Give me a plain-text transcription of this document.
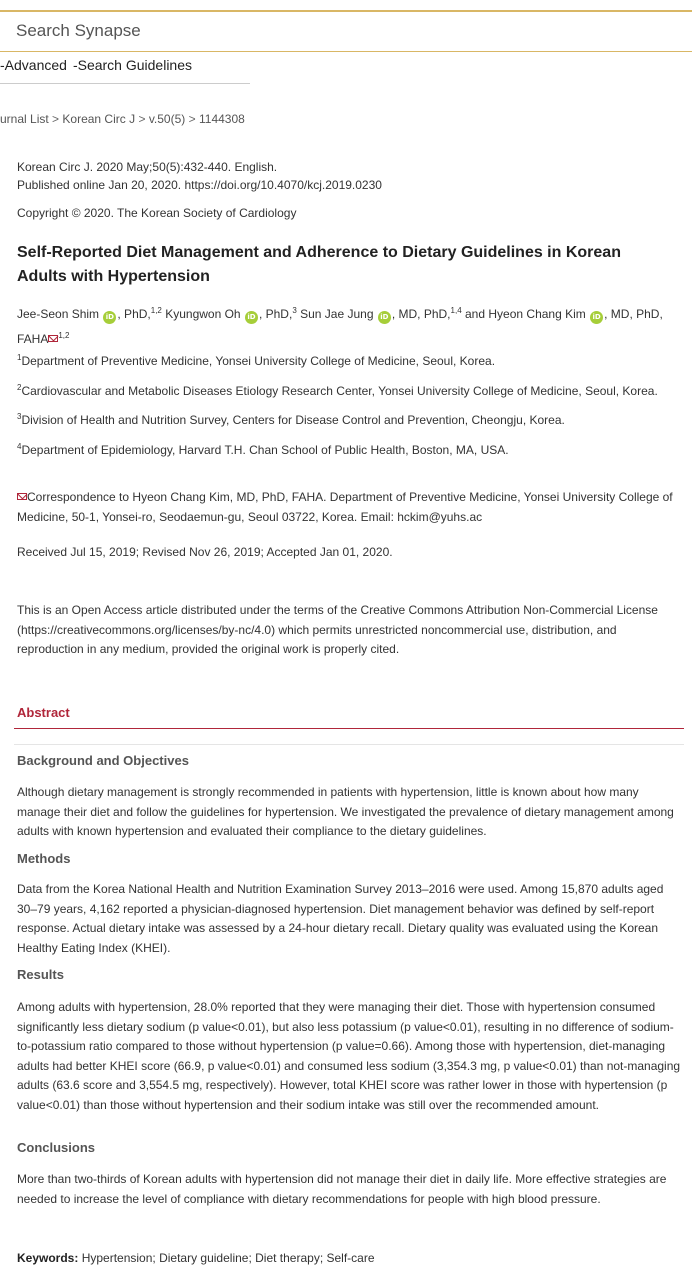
Search Synapse
-Advanced -Search Guidelines
urnal List > Korean Circ J > v.50(5) > 1144308
Korean Circ J. 2020 May;50(5):432-440. English.
Published online Jan 20, 2020. https://doi.org/10.4070/kcj.2019.0230
Copyright © 2020. The Korean Society of Cardiology
Self-Reported Diet Management and Adherence to Dietary Guidelines in Korean Adults with Hypertension
Jee-Seon Shim iD , PhD,$^{1,2}$ Kyungwon Oh iD , PhD,$^3$ Sun Jae Jung iD , MD, PhD,$^{1,4}$ and Hyeon Chang Kim iD , MD, PhD, FAHA $^{1,2}$
$^1$Department of Preventive Medicine, Yonsei University College of Medicine, Seoul, Korea.
$^2$Cardiovascular and Metabolic Diseases Etiology Research Center, Yonsei University College of Medicine, Seoul, Korea.
$^3$Division of Health and Nutrition Survey, Centers for Disease Control and Prevention, Cheongju, Korea.
$^4$Department of Epidemiology, Harvard T.H. Chan School of Public Health, Boston, MA, USA.
Correspondence to Hyeon Chang Kim, MD, PhD, FAHA. Department of Preventive Medicine, Yonsei University College of Medicine, 50-1, Yonsei-ro, Seodaemun-gu, Seoul 03722, Korea. Email: hckim@yuhs.ac
Received Jul 15, 2019; Revised Nov 26, 2019; Accepted Jan 01, 2020.
This is an Open Access article distributed under the terms of the Creative Commons Attribution Non-Commercial License (https://creativecommons.org/licenses/by-nc/4.0) which permits unrestricted noncommercial use, distribution, and reproduction in any medium, provided the original work is properly cited.
Abstract
Background and Objectives
Although dietary management is strongly recommended in patients with hypertension, little is known about how many manage their diet and follow the guidelines for hypertension. We investigated the prevalence of dietary management among adults with known hypertension and evaluated their compliance to the dietary guidelines.
Methods
Data from the Korea National Health and Nutrition Examination Survey 2013–2016 were used. Among 15,870 adults aged 30–79 years, 4,162 reported a physician-diagnosed hypertension. Diet management behavior was defined by self-report response. Actual dietary intake was assessed by a 24-hour dietary recall. Dietary quality was evaluated using the Korean Healthy Eating Index (KHEI).
Results
Among adults with hypertension, 28.0% reported that they were managing their diet. Those with hypertension consumed significantly less dietary sodium (p value<0.01), but also less potassium (p value<0.01), resulting in no difference of sodium-to-potassium ratio compared to those without hypertension (p value=0.66). Among those with hypertension, diet-managing adults had better KHEI score (66.9, p value<0.01) and consumed less sodium (3,354.3 mg, p value<0.01) than not-managing adults (63.6 score and 3,554.5 mg, respectively). However, total KHEI score was rather lower in those with hypertension (p value<0.01) than those without hypertension and their sodium intake was still over the recommended amount.
Conclusions
More than two-thirds of Korean adults with hypertension did not manage their diet in daily life. More effective strategies are needed to increase the level of compliance with dietary recommendations for people with high blood pressure.
Keywords: Hypertension; Dietary guideline; Diet therapy; Self-care
